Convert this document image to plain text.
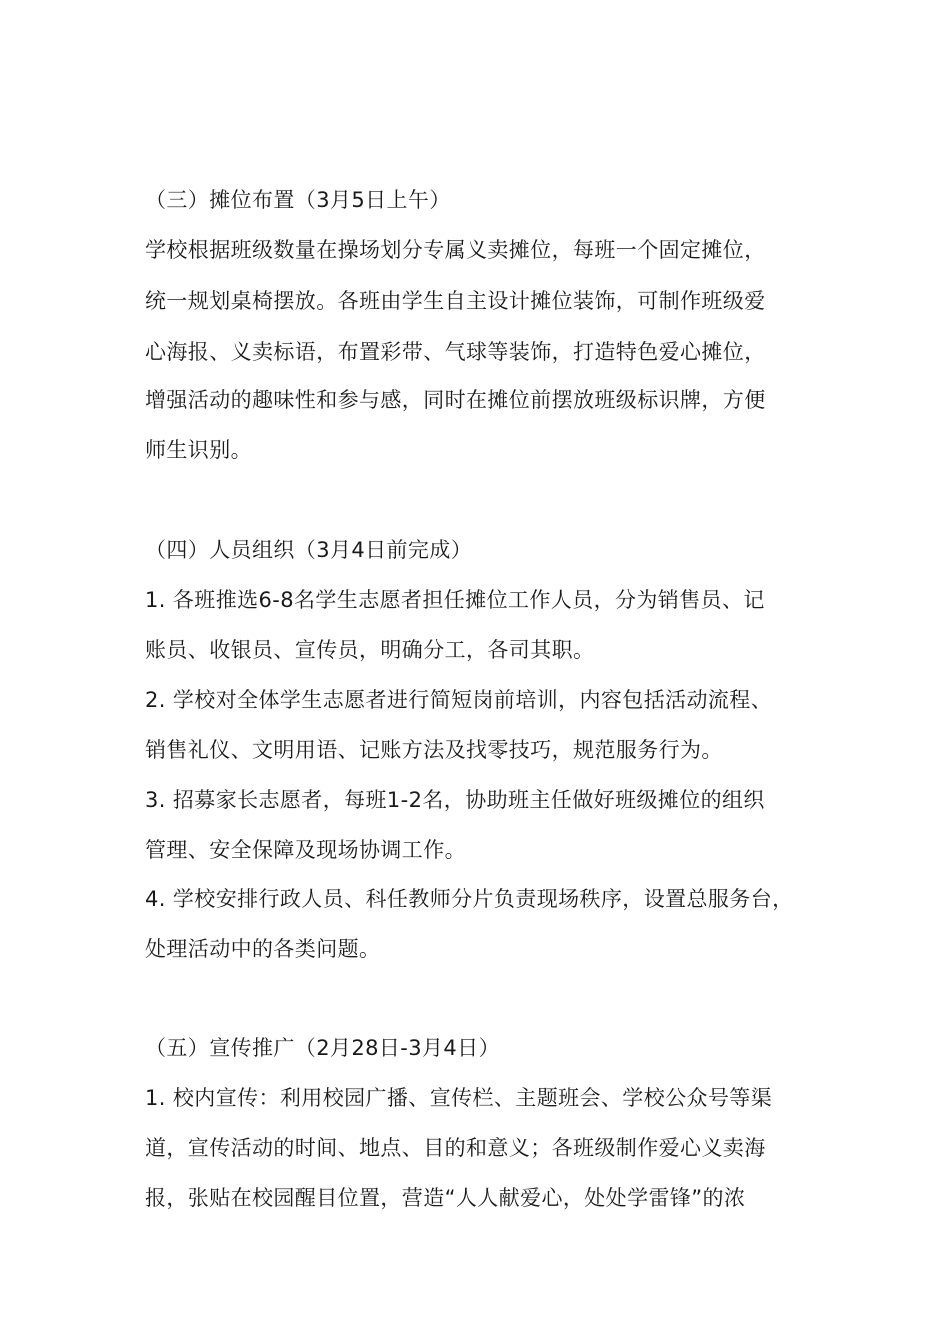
（三）摊位布置（3月5日上午）
学校根据班级数量在操场划分专属义卖摊位，每班一个固定摊位，
统一规划桌椅摆放。各班由学生自主设计摊位装饰，可制作班级爱
心海报、义卖标语，布置彩带、气球等装饰，打造特色爱心摊位，
增强活动的趣味性和参与感，同时在摊位前摆放班级标识牌，方便
师生识别。
（四）人员组织（3月4日前完成）
1. 各班推选6-8名学生志愿者担任摊位工作人员，分为销售员、记
账员、收银员、宣传员，明确分工，各司其职。
2. 学校对全体学生志愿者进行简短岗前培训，内容包括活动流程、
销售礼仪、文明用语、记账方法及找零技巧，规范服务行为。
3. 招募家长志愿者，每班1-2名，协助班主任做好班级摊位的组织
管理、安全保障及现场协调工作。
4. 学校安排行政人员、科任教师分片负责现场秩序，设置总服务台，
处理活动中的各类问题。
（五）宣传推广（2月28日-3月4日）
1. 校内宣传：利用校园广播、宣传栏、主题班会、学校公众号等渠
道，宣传活动的时间、地点、目的和意义；各班级制作爱心义卖海
报，张贴在校园醒目位置，营造“人人献爱心，处处学雷锋”的浓
